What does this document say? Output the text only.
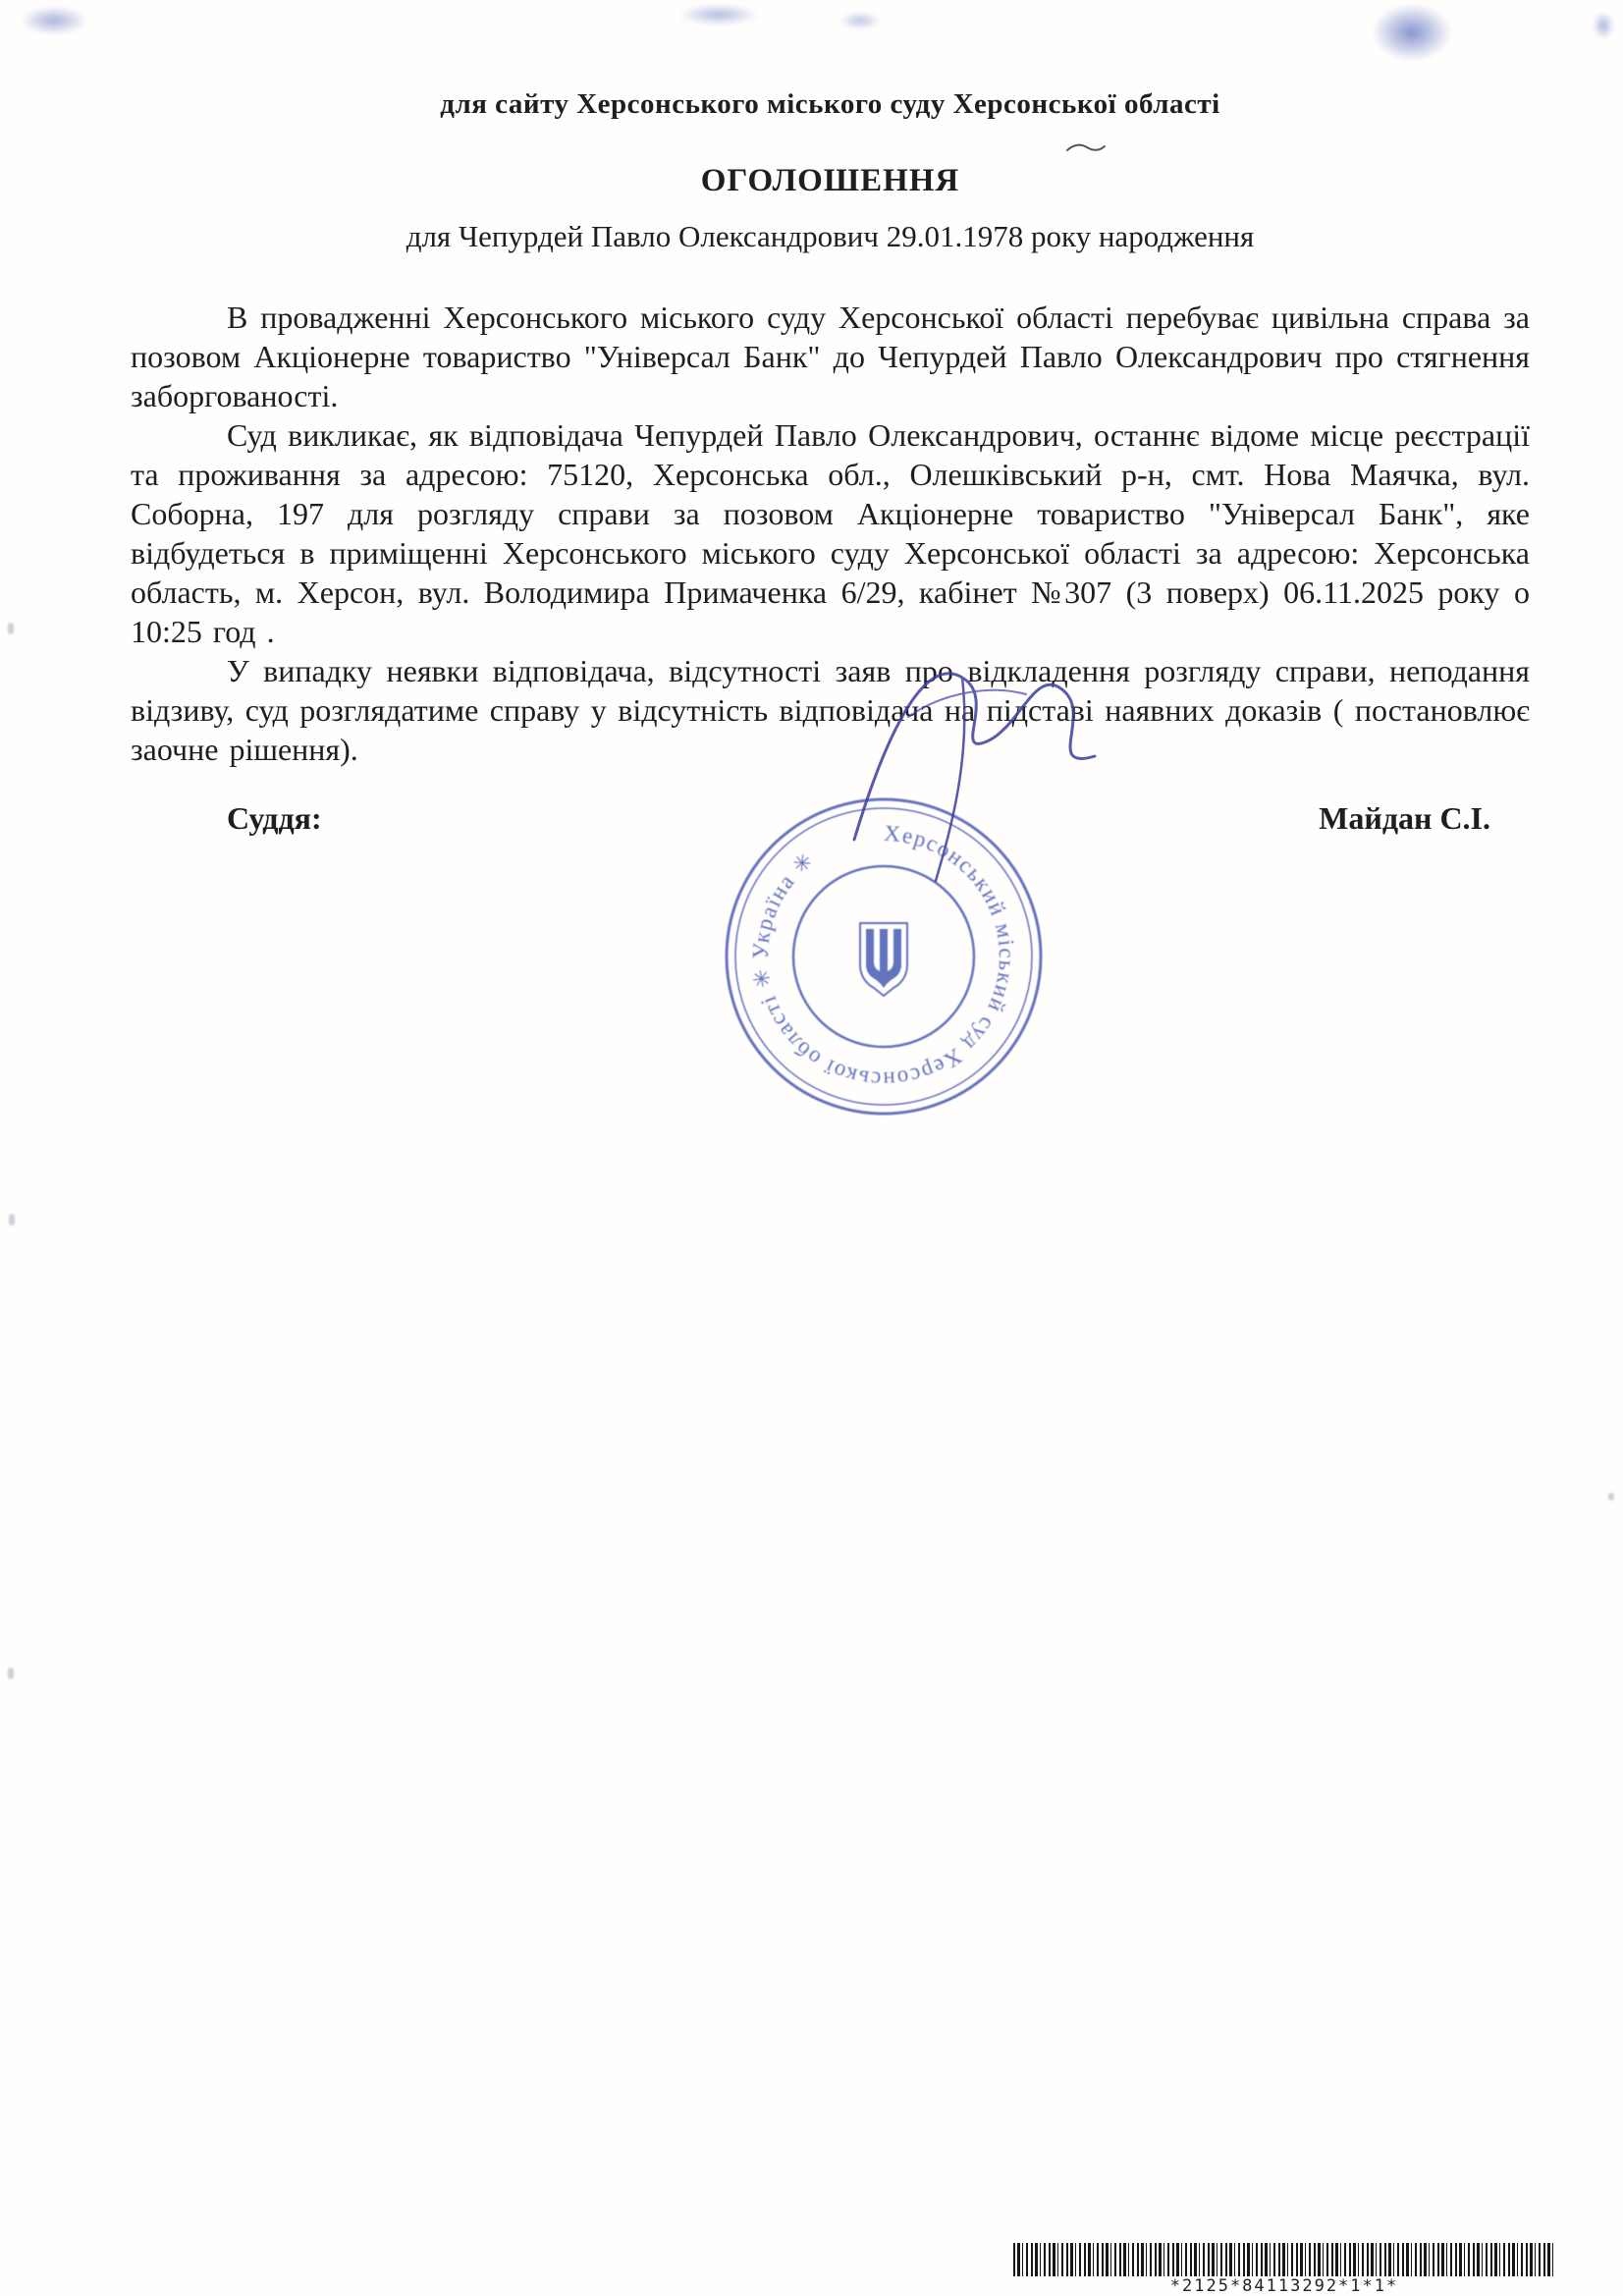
для сайту Херсонського міського суду Херсонської області
ОГОЛОШЕННЯ
для Чепурдей Павло Олександрович 29.01.1978 року народження

В провадженні Херсонського міського суду Херсонської області перебуває цивільна справа за позовом Акціонерне товариство "Універсал Банк" до Чепурдей Павло Олександрович про стягнення заборгованості.

Суд викликає, як відповідача Чепурдей Павло Олександрович, останнє відоме місце реєстрації та проживання за адресою: 75120, Херсонська обл., Олешківський р-н, смт. Нова Маячка, вул. Соборна, 197 для розгляду справи за позовом Акціонерне товариство "Універсал Банк", яке відбудеться в приміщенні Херсонського міського суду Херсонської області за адресою: Херсонська область, м. Херсон, вул. Володимира Примаченка 6/29, кабінет №307 (3 поверх) 06.11.2025 року о 10:25 год .

У випадку неявки відповідача, відсутності заяв про відкладення розгляду справи, неподання відзиву, суд розглядатиме справу у відсутність відповідача на підставі наявних доказів ( постановлює заочне рішення).

Суддя:	Майдан С.І.
Херсонський міський суд Херсонської області ✳ Україна ✳
*2125*84113292*1*1*
